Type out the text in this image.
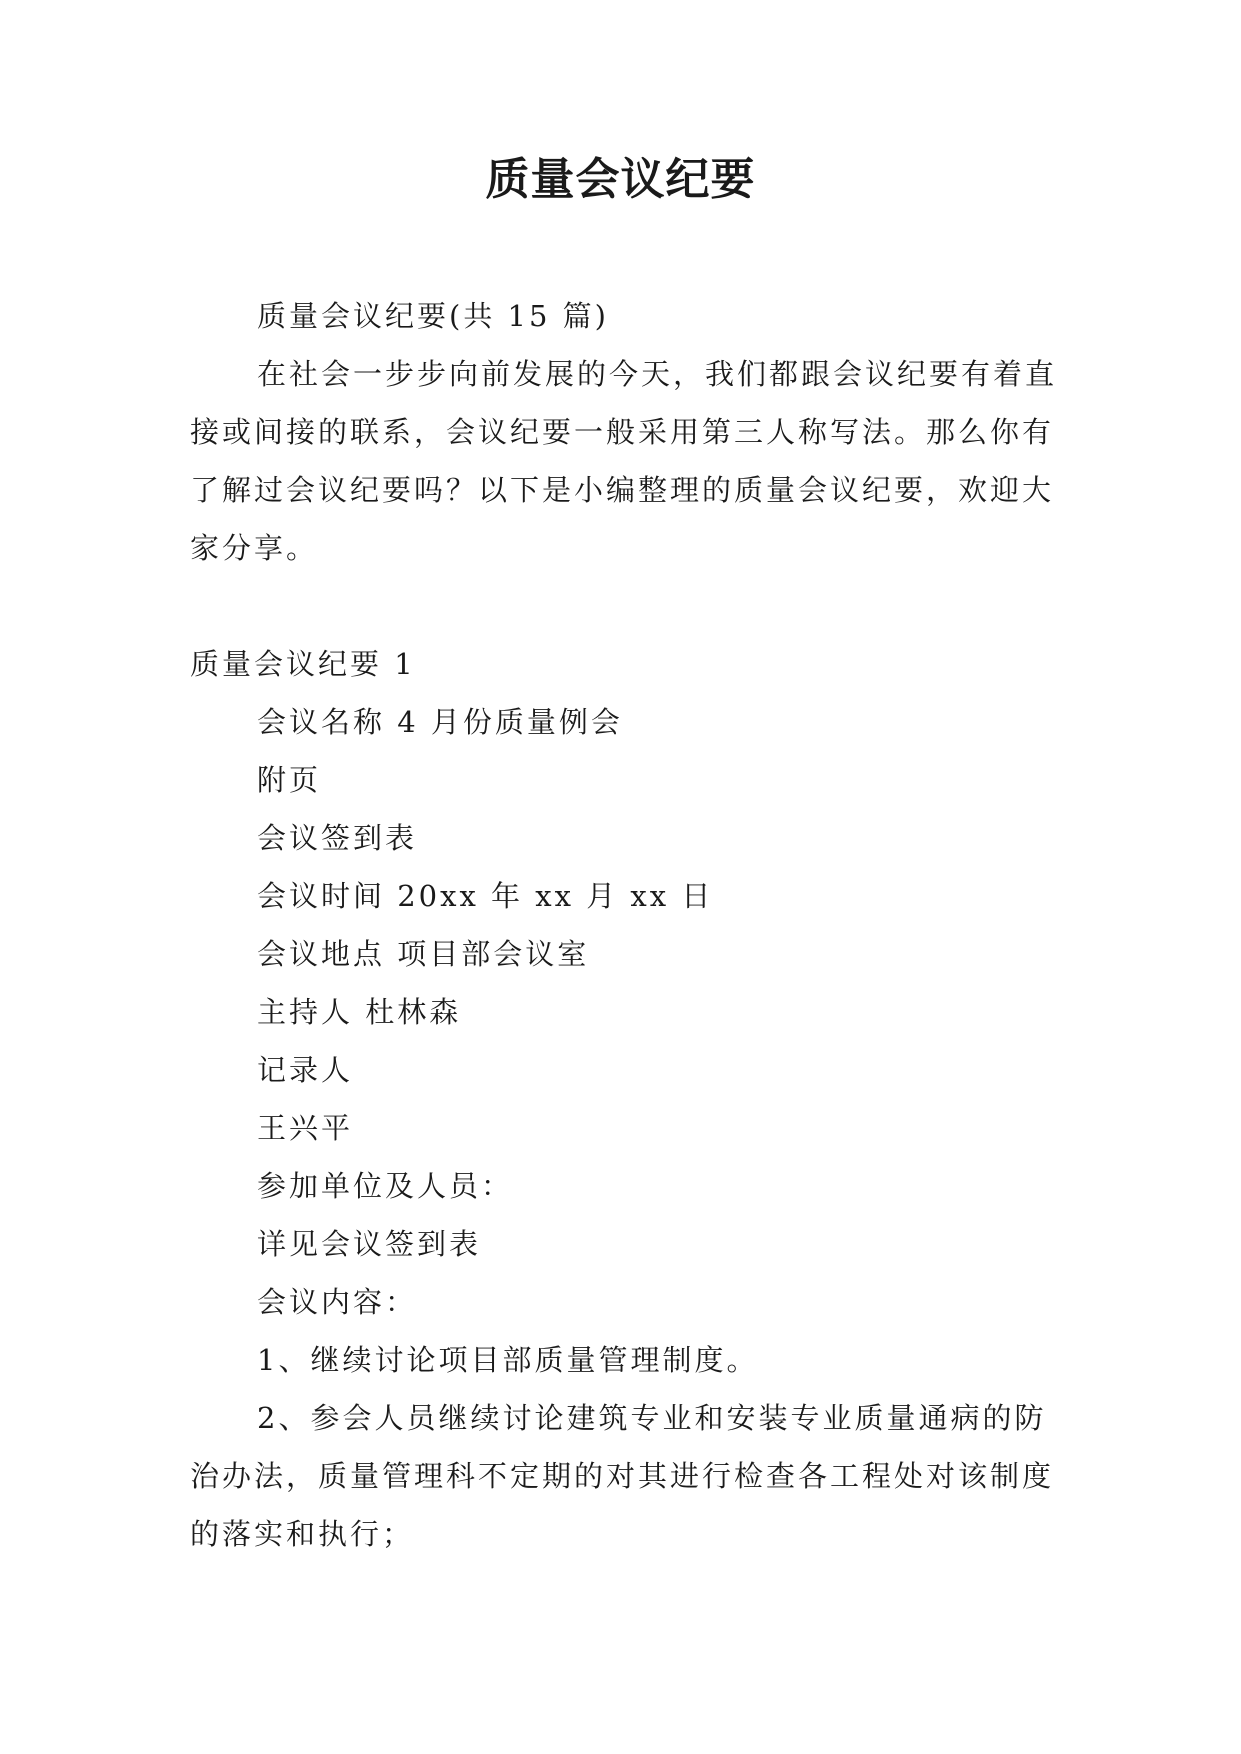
质量会议纪要

质量会议纪要(共 15 篇)

在社会一步步向前发展的今天，我们都跟会议纪要有着直接或间接的联系，会议纪要一般采用第三人称写法。那么你有了解过会议纪要吗？以下是小编整理的质量会议纪要，欢迎大家分享。

质量会议纪要 1

会议名称 4 月份质量例会

附页

会议签到表

会议时间 20xx 年 xx 月 xx 日

会议地点 项目部会议室

主持人 杜林森

记录人

王兴平

参加单位及人员：

详见会议签到表

会议内容：

1、继续讨论项目部质量管理制度。

2、参会人员继续讨论建筑专业和安装专业质量通病的防治办法，质量管理科不定期的对其进行检查各工程处对该制度的落实和执行；
